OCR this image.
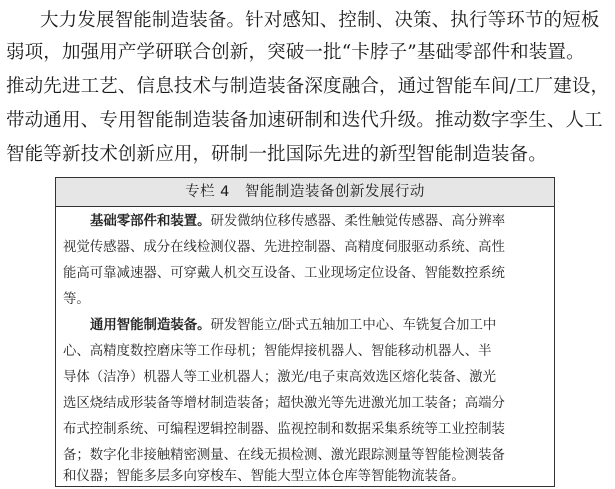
大力发展智能制造装备。针对感知、控制、决策、执行等环节的短板
弱项，加强用产学研联合创新，突破一批“卡脖子”基础零部件和装置。
推动先进工艺、信息技术与制造装备深度融合，通过智能车间/工厂建设，
带动通用、专用智能制造装备加速研制和迭代升级。推动数字孪生、人工
智能等新技术创新应用，研制一批国际先进的新型智能制造装备。
专栏 4　智能制造装备创新发展行动
基础零部件和装置。研发微纳位移传感器、柔性触觉传感器、高分辨率
视觉传感器、成分在线检测仪器、先进控制器、高精度伺服驱动系统、高性
能高可靠减速器、可穿戴人机交互设备、工业现场定位设备、智能数控系统
等。
通用智能制造装备。研发智能立/卧式五轴加工中心、车铣复合加工中
心、高精度数控磨床等工作母机；智能焊接机器人、智能移动机器人、半
导体（洁净）机器人等工业机器人；激光/电子束高效选区熔化装备、激光
选区烧结成形装备等增材制造装备；超快激光等先进激光加工装备；高端分
布式控制系统、可编程逻辑控制器、监视控制和数据采集系统等工业控制装
备；数字化非接触精密测量、在线无损检测、激光跟踪测量等智能检测装备
和仪器；智能多层多向穿梭车、智能大型立体仓库等智能物流装备。
